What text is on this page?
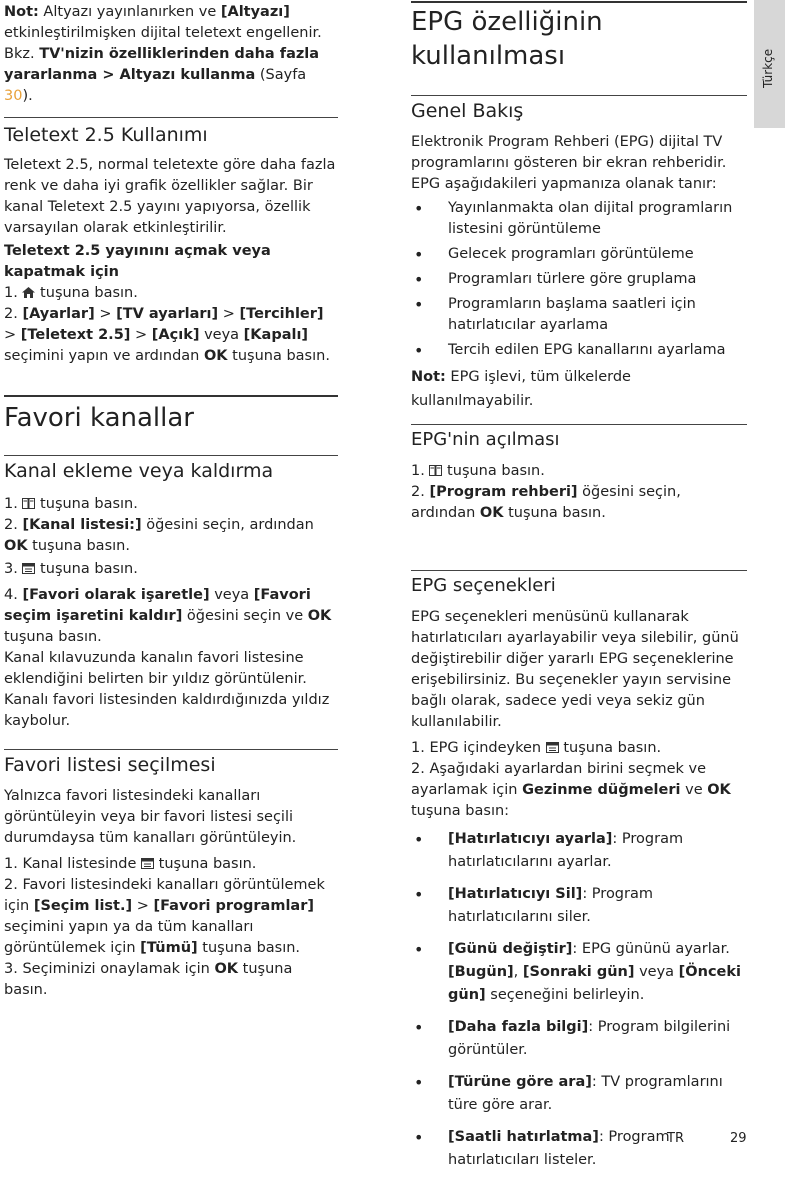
Türkçe

Not: Altyazı yayınlanırken ve [Altyazı] etkinleştirilmişken dijital teletext engellenir. Bkz. TV'nizin özelliklerinden daha fazla yararlanma > Altyazı kullanma (Sayfa 30).

Teletext 2.5 Kullanımı

Teletext 2.5, normal teletexte göre daha fazla renk ve daha iyi grafik özellikler sağlar. Bir kanal Teletext 2.5 yayını yapıyorsa, özellik varsayılan olarak etkinleştirilir.

Teletext 2.5 yayınını açmak veya kapatmak için

1.  tuşuna basın.

2. [Ayarlar] > [TV ayarları] > [Tercihler] > [Teletext 2.5] > [Açık] veya [Kapalı] seçimini yapın ve ardından OK tuşuna basın.

Favori kanallar
Kanal ekleme veya kaldırma

1.  tuşuna basın.

2. [Kanal listesi:] öğesini seçin, ardından OK tuşuna basın.

3.  tuşuna basın.

4. [Favori olarak işaretle] veya [Favori seçim işaretini kaldır] öğesini seçin ve OK tuşuna basın.

Kanal kılavuzunda kanalın favori listesine eklendiğini belirten bir yıldız görüntülenir. Kanalı favori listesinden kaldırdığınızda yıldız kaybolur.

Favori listesi seçilmesi

Yalnızca favori listesindeki kanalları görüntüleyin veya bir favori listesi seçili durumdaysa tüm kanalları görüntüleyin.

1. Kanal listesinde  tuşuna basın.

2. Favori listesindeki kanalları görüntülemek için [Seçim list.] > [Favori programlar] seçimini yapın ya da tüm kanalları görüntülemek için [Tümü] tuşuna basın.

3. Seçiminizi onaylamak için OK tuşuna basın.

EPG özelliğinin kullanılması
Genel Bakış

Elektronik Program Rehberi (EPG) dijital TV programlarını gösteren bir ekran rehberidir. EPG aşağıdakileri yapmanıza olanak tanır:

• Yayınlanmakta olan dijital programların listesini görüntüleme
• Gelecek programları görüntüleme
• Programları türlere göre gruplama
• Programların başlama saatleri için hatırlatıcılar ayarlama
• Tercih edilen EPG kanallarını ayarlama

Not: EPG işlevi, tüm ülkelerde kullanılmayabilir.

EPG'nin açılması

1.  tuşuna basın.

2. [Program rehberi] öğesini seçin, ardından OK tuşuna basın.

EPG seçenekleri

EPG seçenekleri menüsünü kullanarak hatırlatıcıları ayarlayabilir veya silebilir, günü değiştirebilir diğer yararlı EPG seçeneklerine erişebilirsiniz. Bu seçenekler yayın servisine bağlı olarak, sadece yedi veya sekiz gün kullanılabilir.

1. EPG içindeyken  tuşuna basın.

2. Aşağıdaki ayarlardan birini seçmek ve ayarlamak için Gezinme düğmeleri ve OK tuşuna basın:

• [Hatırlatıcıyı ayarla]: Program hatırlatıcılarını ayarlar.
• [Hatırlatıcıyı Sil]: Program hatırlatıcılarını siler.
• [Günü değiştir]: EPG gününü ayarlar. [Bugün], [Sonraki gün] veya [Önceki gün] seçeneğini belirleyin.
• [Daha fazla bilgi]: Program bilgilerini görüntüler.
• [Türüne göre ara]: TV programlarını türe göre arar.
• [Saatli hatırlatma]: Program hatırlatıcıları listeler.
TR	29
